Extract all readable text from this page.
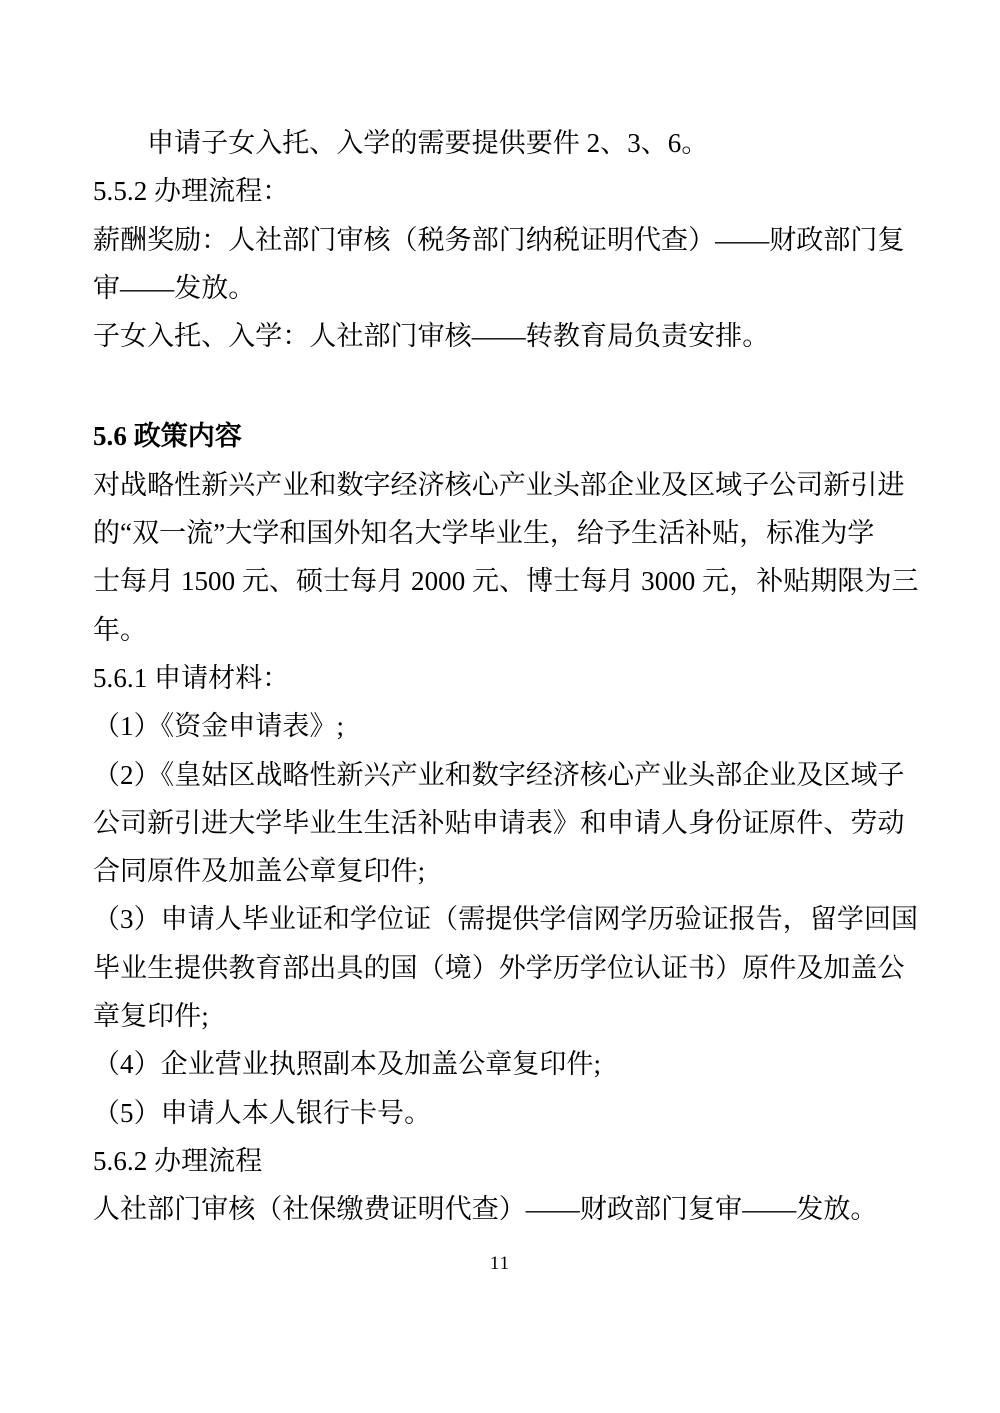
申请子女入托、入学的需要提供要件 2、3、6。
5.5.2 办理流程：
薪酬奖励：人社部门审核（税务部门纳税证明代查）——财政部门复
审——发放。
子女入托、入学：人社部门审核——转教育局负责安排。
5.6 政策内容
对战略性新兴产业和数字经济核心产业头部企业及区域子公司新引进
的“双一流”大学和国外知名大学毕业生，给予生活补贴，标准为学
士每月 1500 元、硕士每月 2000 元、博士每月 3000 元，补贴期限为三
年。
5.6.1 申请材料：
（1）《资金申请表》;
（2）《皇姑区战略性新兴产业和数字经济核心产业头部企业及区域子
公司新引进大学毕业生生活补贴申请表》和申请人身份证原件、劳动
合同原件及加盖公章复印件;
（3）申请人毕业证和学位证（需提供学信网学历验证报告，留学回国
毕业生提供教育部出具的国（境）外学历学位认证书）原件及加盖公
章复印件;
（4）企业营业执照副本及加盖公章复印件;
（5）申请人本人银行卡号。
5.6.2 办理流程
人社部门审核（社保缴费证明代查）——财政部门复审——发放。
11
